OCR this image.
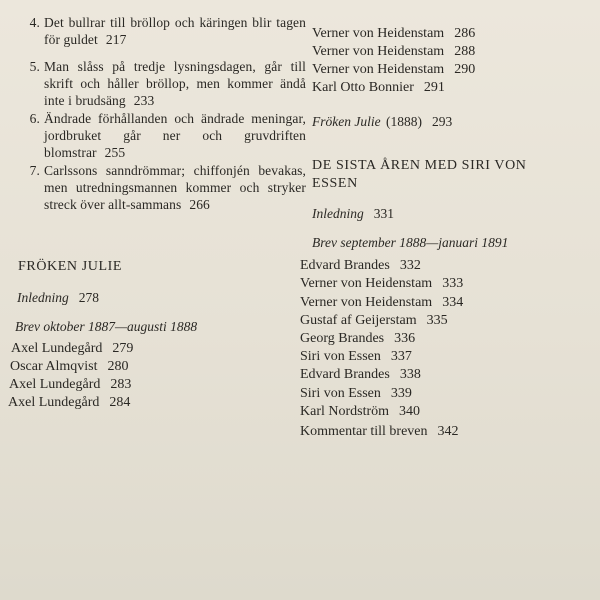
4. Det bullrar till bröllop och käringen blir tagen för guldet 217
5. Man slåss på tredje lysningsdagen, går till skrift och håller bröllop, men kommer ändå inte i brudsäng 233
6. Ändrade förhållanden och ändrade meningar, jordbruket går ner och gruvdriften blomstrar 255
7. Carlssons sanndrömmar; chiffonjén bevakas, men utredningsmannen kommer och stryker streck över allt-sammans 266
FRÖKEN JULIE
Inledning 278
Brev oktober 1887—augusti 1888
Axel Lundegård 279
Oscar Almqvist 280
Axel Lundegård 283
Axel Lundegård 284
Verner von Heidenstam 286
Verner von Heidenstam 288
Verner von Heidenstam 290
Karl Otto Bonnier 291
Fröken Julie (1888) 293
DE SISTA ÅREN MED SIRI VON
ESSEN
Inledning 331
Brev september 1888—januari 1891
Edvard Brandes 332
Verner von Heidenstam 333
Verner von Heidenstam 334
Gustaf af Geijerstam 335
Georg Brandes 336
Siri von Essen 337
Edvard Brandes 338
Siri von Essen 339
Karl Nordström 340
Kommentar till breven 342
